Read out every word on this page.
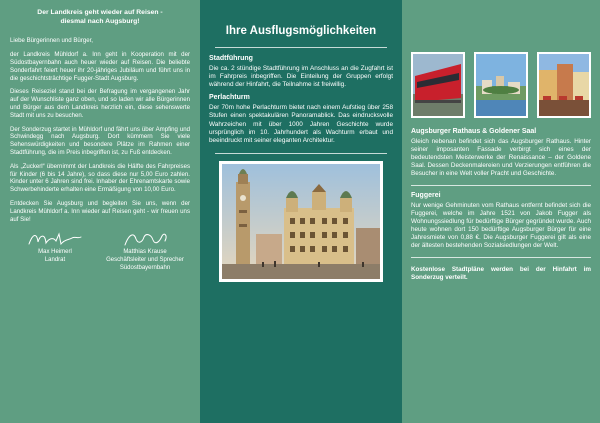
Der Landkreis geht wieder auf Reisen -
diesmal nach Augsburg!

Liebe Bürgerinnen und Bürger,

der Landkreis Mühldorf a. Inn geht in Kooperation mit der Südostbayernbahn auch heuer wieder auf Reisen. Die beliebte Sonderfahrt feiert heuer ihr 20-jähriges Jubiläum und führt uns in die geschichtsträchtige Fugger-Stadt Augsburg.

Dieses Reiseziel stand bei der Befragung im vergangenen Jahr auf der Wunschliste ganz oben, und so laden wir alle Bürgerinnen und Bürger aus dem Landkreis herzlich ein, diese sehenswerte Stadt mit uns zu besuchen.

Der Sonderzug startet in Mühldorf und fährt uns über Ampfing und Schwindegg nach Augsburg. Dort kümmern Sie viele Sehenswürdigkeiten und besondere Plätze im Rahmen einer Stadtführung, die im Preis inbegriffen ist, zu Fuß entdecken.

Als „Zuckerl“ übernimmt der Landkreis die Hälfte des Fahrpreises für Kinder (6 bis 14 Jahre), so dass diese nur 5,00 Euro zahlen. Kinder unter 6 Jahren sind frei. Inhaber der Ehrenamtskarte sowie Schwerbehinderte erhalten eine Ermäßigung von 10,00 Euro.

Entdecken Sie Augsburg und begleiten Sie uns, wenn der Landkreis Mühldorf a. Inn wieder auf Reisen geht - wir freuen uns auf Sie!

Max Heimerl
Landrat
Matthias Krause
Geschäftsleiter und Sprecher
Südostbayernbahn
Ihre Ausflugsmöglichkeiten
Stadtführung

Die ca. 2 stündige Stadtführung im Anschluss an die Zugfahrt ist im Fahrpreis inbegriffen. Die Einteilung der Gruppen erfolgt während der Hinfahrt, die Teilnahme ist freiwillig.

Perlachturm

Der 70m hohe Perlachturm bietet nach einem Aufstieg über 258 Stufen einen spektakulären Panoramablick. Das eindrucksvolle Wahrzeichen mit über 1000 Jahren Geschichte wurde ursprünglich im 10. Jahrhundert als Wachturm erbaut und beeindruckt mit seiner eleganten Architektur.

Augsburger Rathaus & Goldener Saal

Gleich nebenan befindet sich das Augsburger Rathaus. Hinter seiner imposanten Fassade verbirgt sich eines der bedeutendsten Meisterwerke der Renaissance – der Goldene Saal. Dessen Deckenmalereien und Verzierungen entführen die Besucher in eine Welt voller Pracht und Geschichte.

Fuggerei

Nur wenige Gehminuten vom Rathaus entfernt befindet sich die Fuggerei, welche im Jahre 1521 von Jakob Fugger als Wohnungssiedlung für bedürftige Bürger gegründet wurde. Auch heute wohnen dort 150 bedürftige Augsburger Bürger für eine Jahresmiete von 0,88 €. Die Augsburger Fuggerei gilt als eine der ältesten bestehenden Sozialsiedlungen der Welt.

Kostenlose Stadtpläne werden bei der Hinfahrt im Sonderzug verteilt.
